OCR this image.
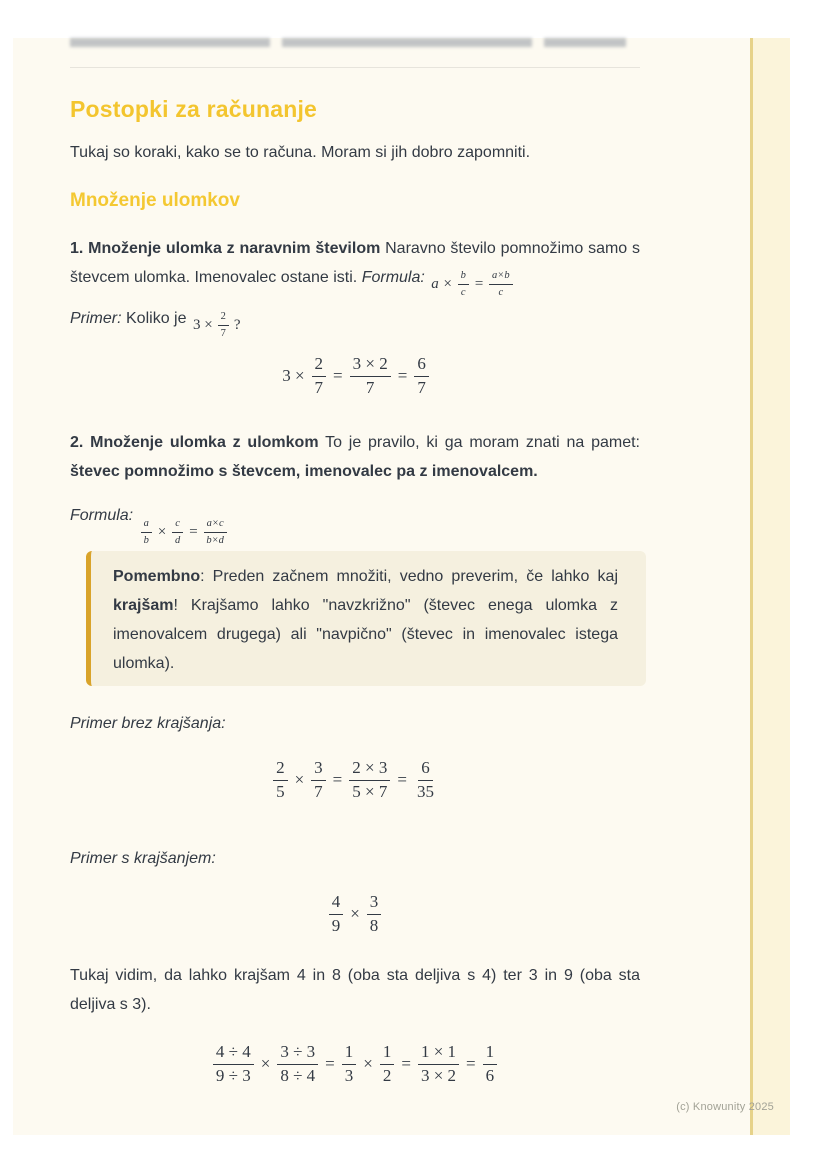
Postopki za računanje
Tukaj so koraki, kako se to računa. Moram si jih dobro zapomniti.
Množenje ulomkov
1. Množenje ulomka z naravnim številom Naravno število pomnožimo samo s števcem ulomka. Imenovalec ostane isti. Formula: $a \times \frac{b}{c} = \frac{a\times b}{c}$
Primer: Koliko je $3 \times \frac{2}{7}$ ?
$3 \times \frac{2}{7} = \frac{3 \times 2}{7} = \frac{6}{7}$
2. Množenje ulomka z ulomkom To je pravilo, ki ga moram znati na pamet: števec pomnožimo s števcem, imenovalec pa z imenovalcem.
Formula:
$\frac{a}{b} \times \frac{c}{d} = \frac{a\times c}{b\times d}$
Pomembno: Preden začnem množiti, vedno preverim, če lahko kaj krajšam! Krajšamo lahko "navzkrižno" (števec enega ulomka z imenovalcem drugega) ali "navpično" (števec in imenovalec istega ulomka).
Primer brez krajšanja:
$\frac{2}{5} \times \frac{3}{7} = \frac{2 \times 3}{5 \times 7} = \frac{6}{35}$
Primer s krajšanjem:
$\frac{4}{9} \times \frac{3}{8}$
Tukaj vidim, da lahko krajšam 4 in 8 (oba sta deljiva s 4) ter 3 in 9 (oba sta deljiva s 3).
$\frac{4 \div 4}{9 \div 3} \times \frac{3 \div 3}{8 \div 4} = \frac{1}{3} \times \frac{1}{2} = \frac{1 \times 1}{3 \times 2} = \frac{1}{6}$
(c) Knowunity 2025
